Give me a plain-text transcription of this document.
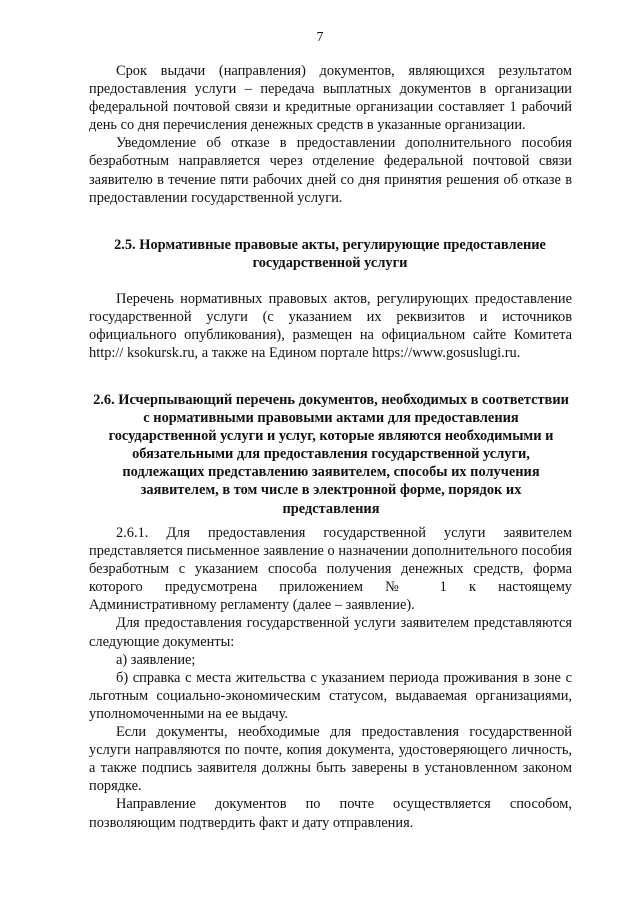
7

Срок выдачи (направления) документов, являющихся результатом предоставления услуги – передача выплатных документов в организации федеральной почтовой связи и кредитные организации составляет 1 рабочий день со дня перечисления денежных средств в указанные организации.

Уведомление об отказе в предоставлении дополнительного пособия безработным направляется через отделение федеральной почтовой связи заявителю в течение пяти рабочих дней со дня принятия решения об отказе в предоставлении государственной услуги.

2.5. Нормативные правовые акты, регулирующие предоставление государственной услуги

Перечень нормативных правовых актов, регулирующих предоставление государственной услуги (с указанием их реквизитов и источников официального опубликования), размещен на официальном сайте Комитета http:// ksokursk.ru, а также на Едином портале https://www.gosuslugi.ru.

2.6. Исчерпывающий перечень документов, необходимых в соответствии с нормативными правовыми актами для предоставления государственной услуги и услуг, которые являются необходимыми и обязательными для предоставления государственной услуги, подлежащих представлению заявителем, способы их получения заявителем, в том числе в электронной форме, порядок их представления

2.6.1. Для предоставления государственной услуги заявителем представляется письменное заявление о назначении дополнительного пособия безработным с указанием способа получения денежных средств, форма которого предусмотрена приложением № 1 к настоящему Административному регламенту (далее – заявление).

Для предоставления государственной услуги заявителем представляются следующие документы:

а) заявление;

б) справка с места жительства с указанием периода проживания в зоне с льготным социально-экономическим статусом, выдаваемая организациями, уполномоченными на ее выдачу.

Если документы, необходимые для предоставления государственной услуги направляются по почте, копия документа, удостоверяющего личность, а также подпись заявителя должны быть заверены в установленном законом порядке.

Направление документов по почте осуществляется способом, позволяющим подтвердить факт и дату отправления.
